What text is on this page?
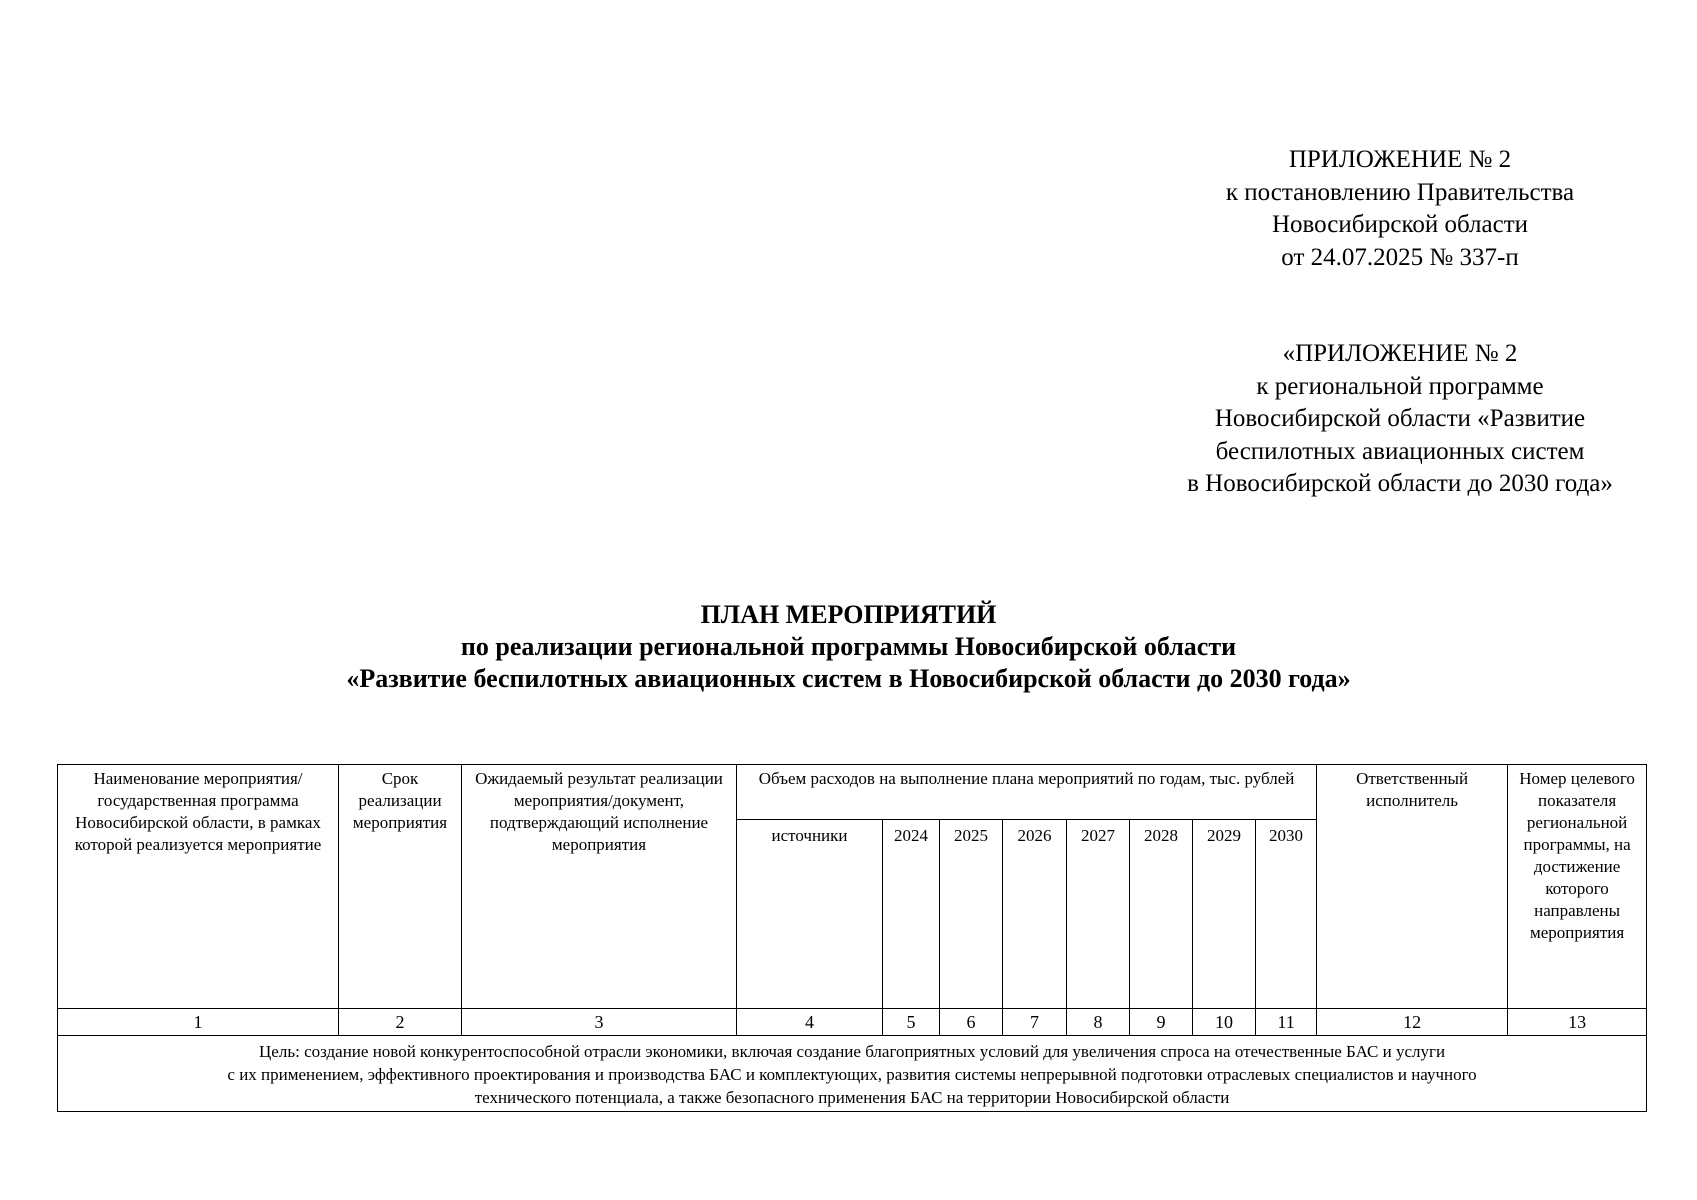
ПРИЛОЖЕНИЕ № 2
к постановлению Правительства
Новосибирской области
от 24.07.2025 № 337-п
«ПРИЛОЖЕНИЕ № 2
к региональной программе
Новосибирской области «Развитие
беспилотных авиационных систем
в Новосибирской области до 2030 года»
ПЛАН МЕРОПРИЯТИЙ
по реализации региональной программы Новосибирской области
«Развитие беспилотных авиационных систем в Новосибирской области до 2030 года»
Наименование мероприятия/государственная программа Новосибирской области, в рамках которой реализуется мероприятие	Срок реализации мероприятия	Ожидаемый результат реализации мероприятия/документ, подтверждающий исполнение мероприятия	Объем расходов на выполнение плана мероприятий по годам, тыс. рублей								Ответственный исполнитель	Номер целевого показателя региональной программы, на достижение которого направлены мероприятия
			источники	2024	2025	2026	2027	2028	2029	2030		
1	2	3	4	5	6	7	8	9	10	11	12	13

Цель: создание новой конкурентоспособной отрасли экономики, включая создание благоприятных условий для увеличения спроса на отечественные БАС и услуги
с их применением, эффективного проектирования и производства БАС и комплектующих, развития системы непрерывной подготовки отраслевых специалистов и научного
технического потенциала, а также безопасного применения БАС на территории Новосибирской области												
